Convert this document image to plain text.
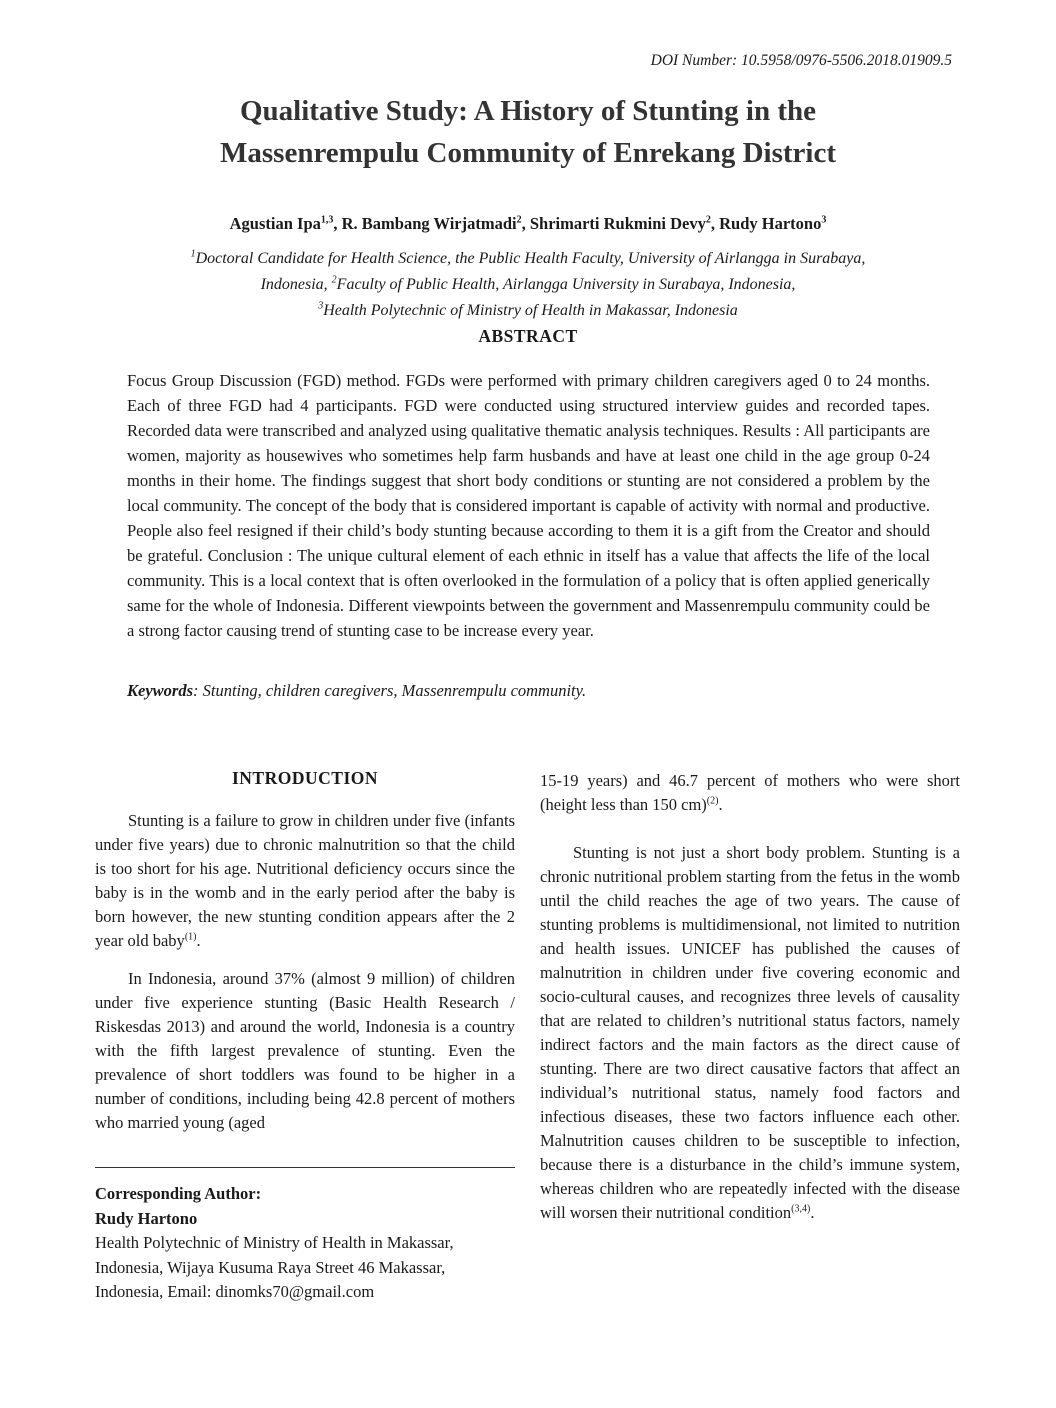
DOI Number: 10.5958/0976-5506.2018.01909.5
Qualitative Study: A History of Stunting in the
Massenrempulu Community of Enrekang District
Agustian Ipa$^{1,3}$, R. Bambang Wirjatmadi$^2$, Shrimarti Rukmini Devy$^2$, Rudy Hartono$^3$
$^1$Doctoral Candidate for Health Science, the Public Health Faculty, University of Airlangga in Surabaya,
Indonesia, $^2$Faculty of Public Health, Airlangga University in Surabaya, Indonesia,
$^3$Health Polytechnic of Ministry of Health in Makassar, Indonesia
ABSTRACT

Focus Group Discussion (FGD) method. FGDs were performed with primary children caregivers aged 0 to 24 months. Each of three FGD had 4 participants. FGD were conducted using structured interview guides and recorded tapes. Recorded data were transcribed and analyzed using qualitative thematic analysis techniques. Results : All participants are women, majority as housewives who sometimes help farm husbands and have at least one child in the age group 0-24 months in their home. The findings suggest that short body conditions or stunting are not considered a problem by the local community. The concept of the body that is considered important is capable of activity with normal and productive. People also feel resigned if their child’s body stunting because according to them it is a gift from the Creator and should be grateful. Conclusion : The unique cultural element of each ethnic in itself has a value that affects the life of the local community. This is a local context that is often overlooked in the formulation of a policy that is often applied generically same for the whole of Indonesia. Different viewpoints between the government and Massenrempulu community could be a strong factor causing trend of stunting case to be increase every year.

Keywords: Stunting, children caregivers, Massenrempulu community.

INTRODUCTION

Stunting is a failure to grow in children under five (infants under five years) due to chronic malnutrition so that the child is too short for his age. Nutritional deficiency occurs since the baby is in the womb and in the early period after the baby is born however, the new stunting condition appears after the 2 year old baby$^{(1)}$.

In Indonesia, around 37% (almost 9 million) of children under five experience stunting (Basic Health Research / Riskesdas 2013) and around the world, Indonesia is a country with the fifth largest prevalence of stunting. Even the prevalence of short toddlers was found to be higher in a number of conditions, including being 42.8 percent of mothers who married young (aged

15-19 years) and 46.7 percent of mothers who were short (height less than 150 cm)$^{(2)}$.

Stunting is not just a short body problem. Stunting is a chronic nutritional problem starting from the fetus in the womb until the child reaches the age of two years. The cause of stunting problems is multidimensional, not limited to nutrition and health issues. UNICEF has published the causes of malnutrition in children under five covering economic and socio-cultural causes, and recognizes three levels of causality that are related to children’s nutritional status factors, namely indirect factors and the main factors as the direct cause of stunting. There are two direct causative factors that affect an individual’s nutritional status, namely food factors and infectious diseases, these two factors influence each other. Malnutrition causes children to be susceptible to infection, because there is a disturbance in the child’s immune system, whereas children who are repeatedly infected with the disease will worsen their nutritional condition$^{(3,4)}$.

Corresponding Author:
Rudy Hartono
Health Polytechnic of Ministry of Health in Makassar,
Indonesia, Wijaya Kusuma Raya Street 46 Makassar,
Indonesia, Email: dinomks70@gmail.com
